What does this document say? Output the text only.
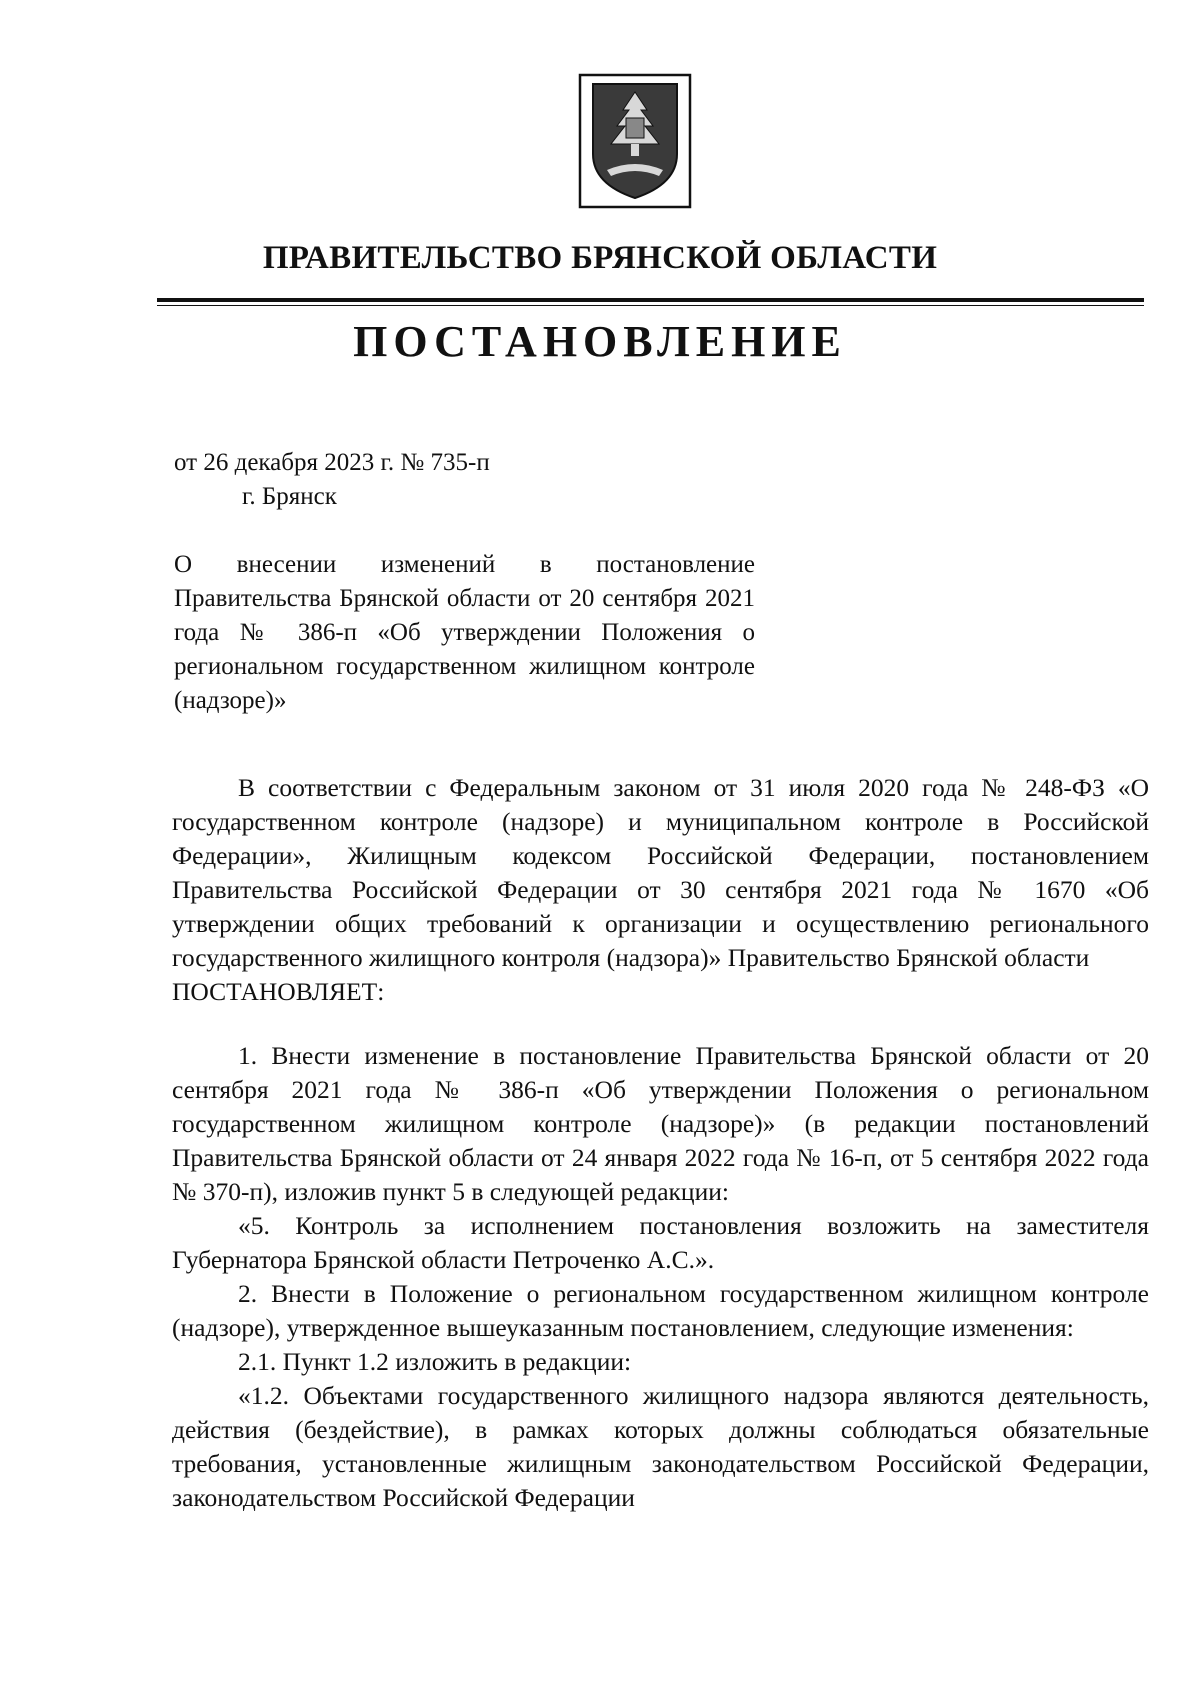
ПРАВИТЕЛЬСТВО БРЯНСКОЙ ОБЛАСТИ
ПОСТАНОВЛЕНИЕ
от 26 декабря 2023 г. № 735-п
г. Брянск
О внесении изменений в постановление Правительства Брянской области от 20 сентября 2021 года № 386-п «Об утверждении Положения о региональном государственном жилищном контроле (надзоре)»

В соответствии с Федеральным законом от 31 июля 2020 года № 248-ФЗ «О государственном контроле (надзоре) и муниципальном контроле в Российской Федерации», Жилищным кодексом Российской Федерации, постановлением Правительства Российской Федерации от 30 сентября 2021 года № 1670 «Об утверждении общих требований к организации и осуществлению регионального государственного жилищного контроля (надзора)» Правительство Брянской области

ПОСТАНОВЛЯЕТ:

1. Внести изменение в постановление Правительства Брянской области от 20 сентября 2021 года № 386-п «Об утверждении Положения о региональном государственном жилищном контроле (надзоре)» (в редакции постановлений Правительства Брянской области от 24 января 2022 года № 16-п, от 5 сентября 2022 года № 370-п), изложив пункт 5 в следующей редакции:

«5. Контроль за исполнением постановления возложить на заместителя Губернатора Брянской области Петроченко А.С.».

2. Внести в Положение о региональном государственном жилищном контроле (надзоре), утвержденное вышеуказанным постановлением, следующие изменения:

2.1. Пункт 1.2 изложить в редакции:

«1.2. Объектами государственного жилищного надзора являются деятельность, действия (бездействие), в рамках которых должны соблюдаться обязательные требования, установленные жилищным законодательством Российской Федерации, законодательством Российской Федерации
